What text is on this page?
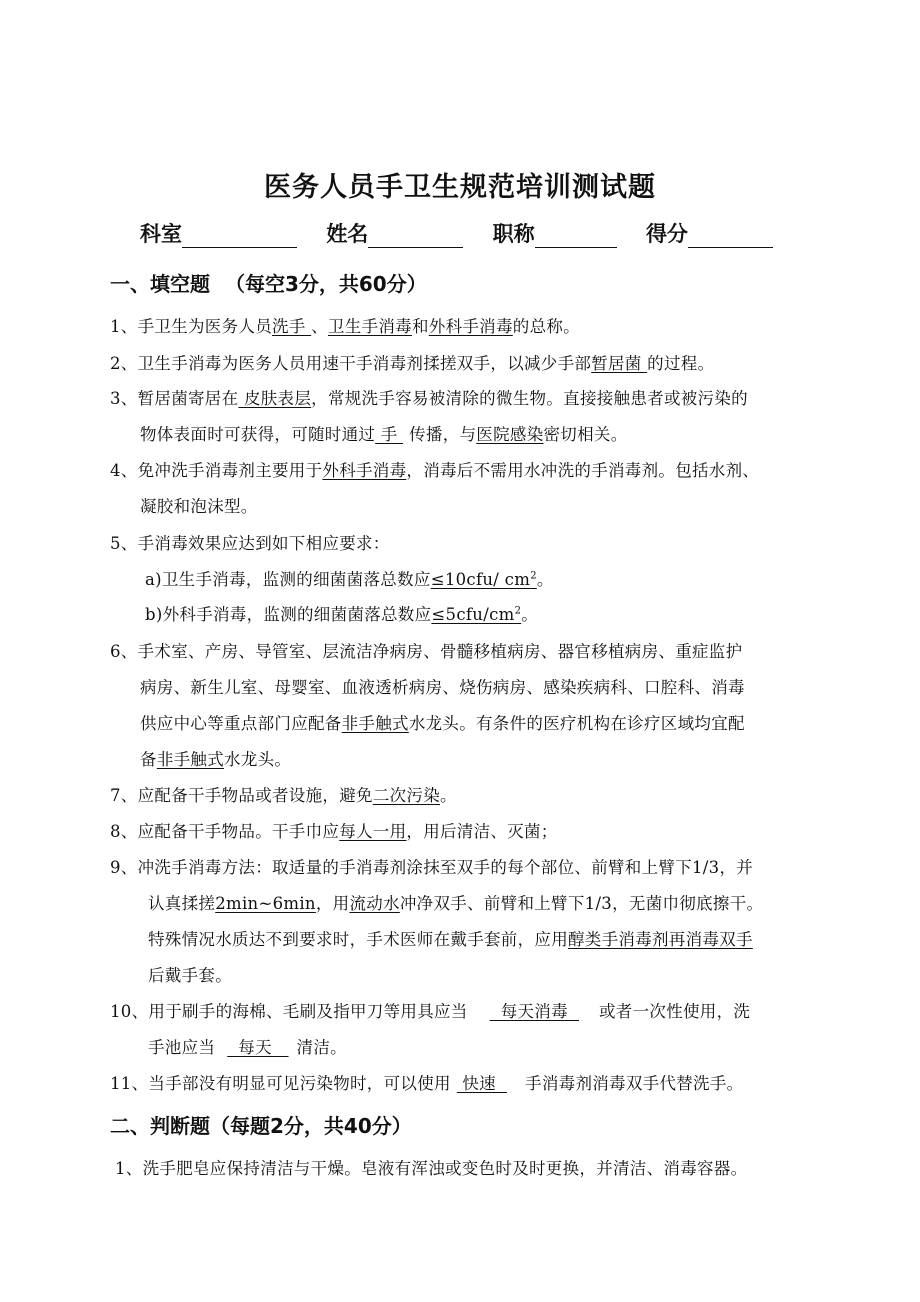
医务人员手卫生规范培训测试题
科室	姓名	职称	得分
一、填空题 （每空3分，共60分）
1、手卫生为医务人员洗手 、卫生手消毒和外科手消毒的总称。
2、卫生手消毒为医务人员用速干手消毒剂揉搓双手，以减少手部暂居菌 的过程。
3、暂居菌寄居在 皮肤表层，常规洗手容易被清除的微生物。直接接触患者或被污染的
物体表面时可获得，可随时通过 手 传播，与医院感染密切相关。
4、免冲洗手消毒剂主要用于外科手消毒，消毒后不需用水冲洗的手消毒剂。包括水剂、
凝胶和泡沫型。
5、手消毒效果应达到如下相应要求：
a)卫生手消毒，监测的细菌菌落总数应≤10cfu/ $cm^2$。
b)外科手消毒，监测的细菌菌落总数应$\le 5cfu/cm^2$。
6、手术室、产房、导管室、层流洁净病房、骨髓移植病房、器官移植病房、重症监护
病房、新生儿室、母婴室、血液透析病房、烧伤病房、感染疾病科、口腔科、消毒
供应中心等重点部门应配备非手触式水龙头。有条件的医疗机构在诊疗区域均宜配
备非手触式水龙头。
7、应配备干手物品或者设施，避免二次污染。
8、应配备干手物品。干手巾应每人一用，用后清洁、灭菌；
9、冲洗手消毒方法：取适量的手消毒剂涂抹至双手的每个部位、前臂和上臂下1/3，并
认真揉搓2min~6min，用流动水冲净双手、前臂和上臂下1/3，无菌巾彻底擦干。
特殊情况水质达不到要求时，手术医师在戴手套前，应用醇类手消毒剂再消毒双手
后戴手套。
10、用于刷手的海棉、毛刷及指甲刀等用具应当  每天消毒  或者一次性使用，洗
手池应当  每天   清洁。
11、当手部没有明显可见污染物时，可以使用 快速  手消毒剂消毒双手代替洗手。
二、判断题（每题2分，共40分）
1、洗手肥皂应保持清洁与干燥。皂液有浑浊或变色时及时更换，并清洁、消毒容器。
